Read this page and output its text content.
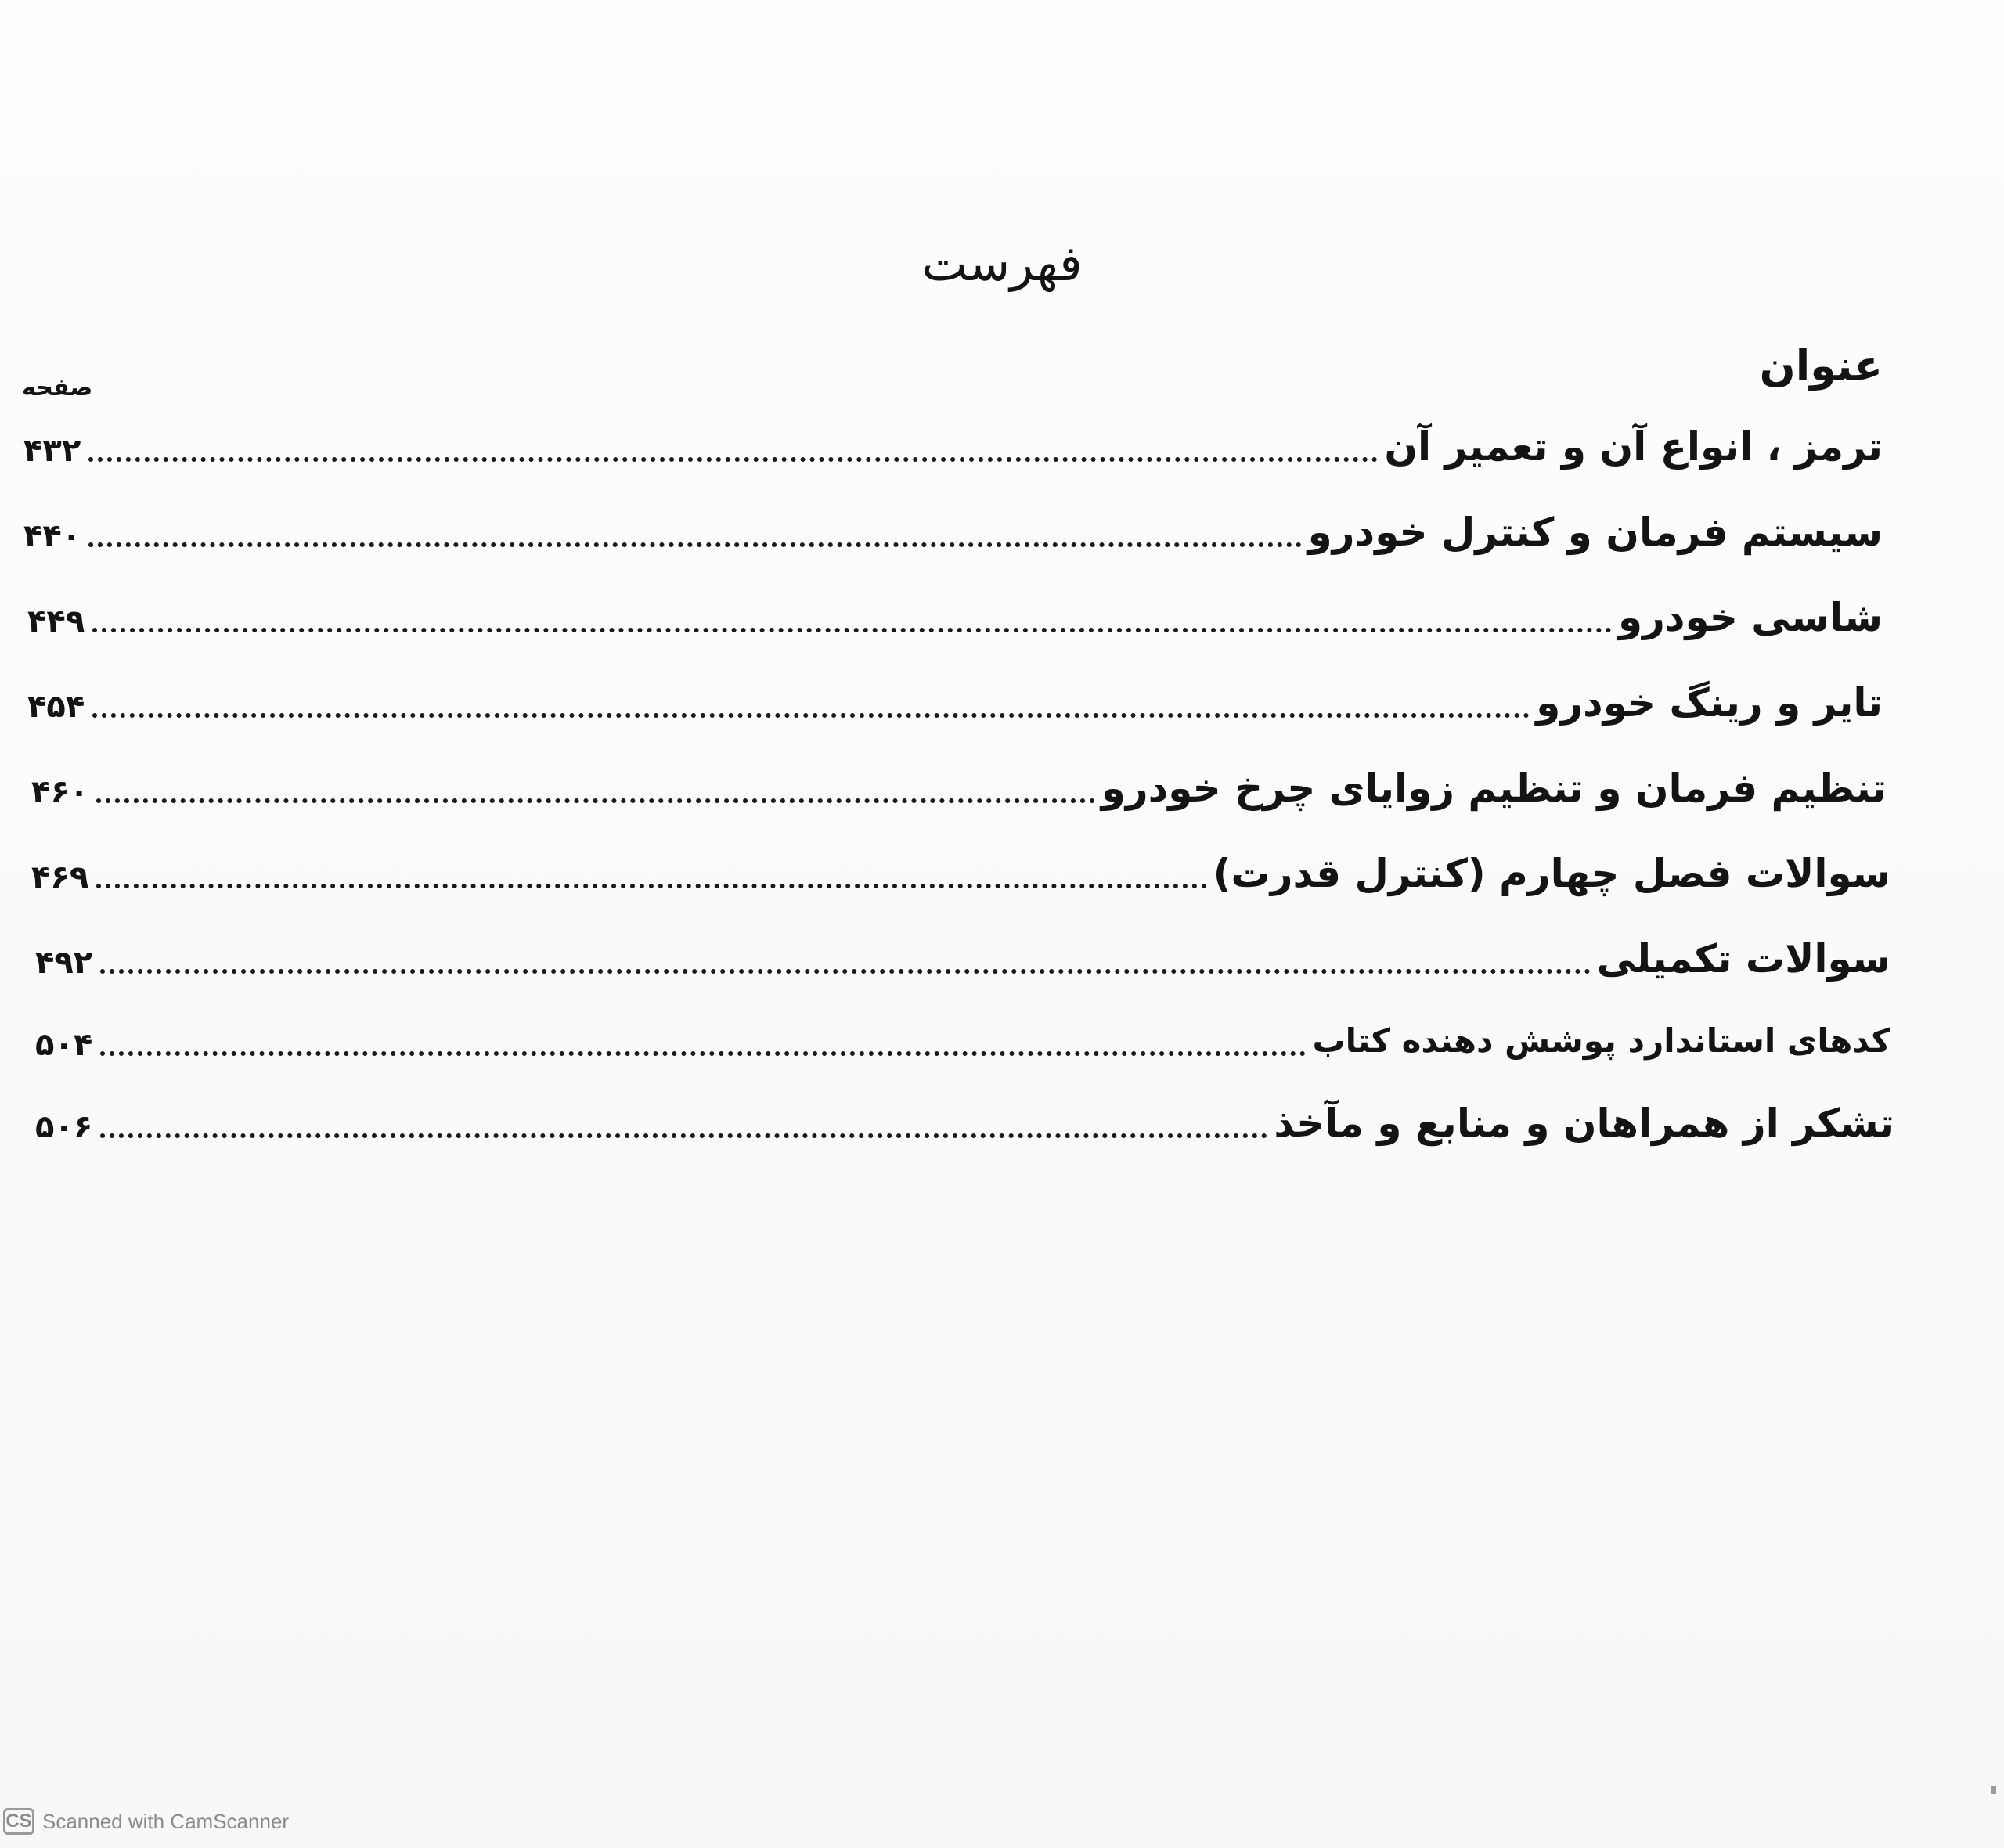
فهرست
عنوان
صفحه
ترمز ، انواع آن و تعمیر آن
۴۳۲
سیستم فرمان و کنترل خودرو
۴۴۰
شاسی خودرو
۴۴۹
تایر و رینگ خودرو
۴۵۴
تنظیم فرمان و تنظیم زوایای چرخ خودرو
۴۶۰
سوالات فصل چهارم (کنترل قدرت)
۴۶۹
سوالات تکمیلی
۴۹۲
کدهای استاندارد پوشش دهنده کتاب
۵۰۴
تشکر از همراهان و منابع و مآخذ
۵۰۶
CS Scanned with CamScanner
